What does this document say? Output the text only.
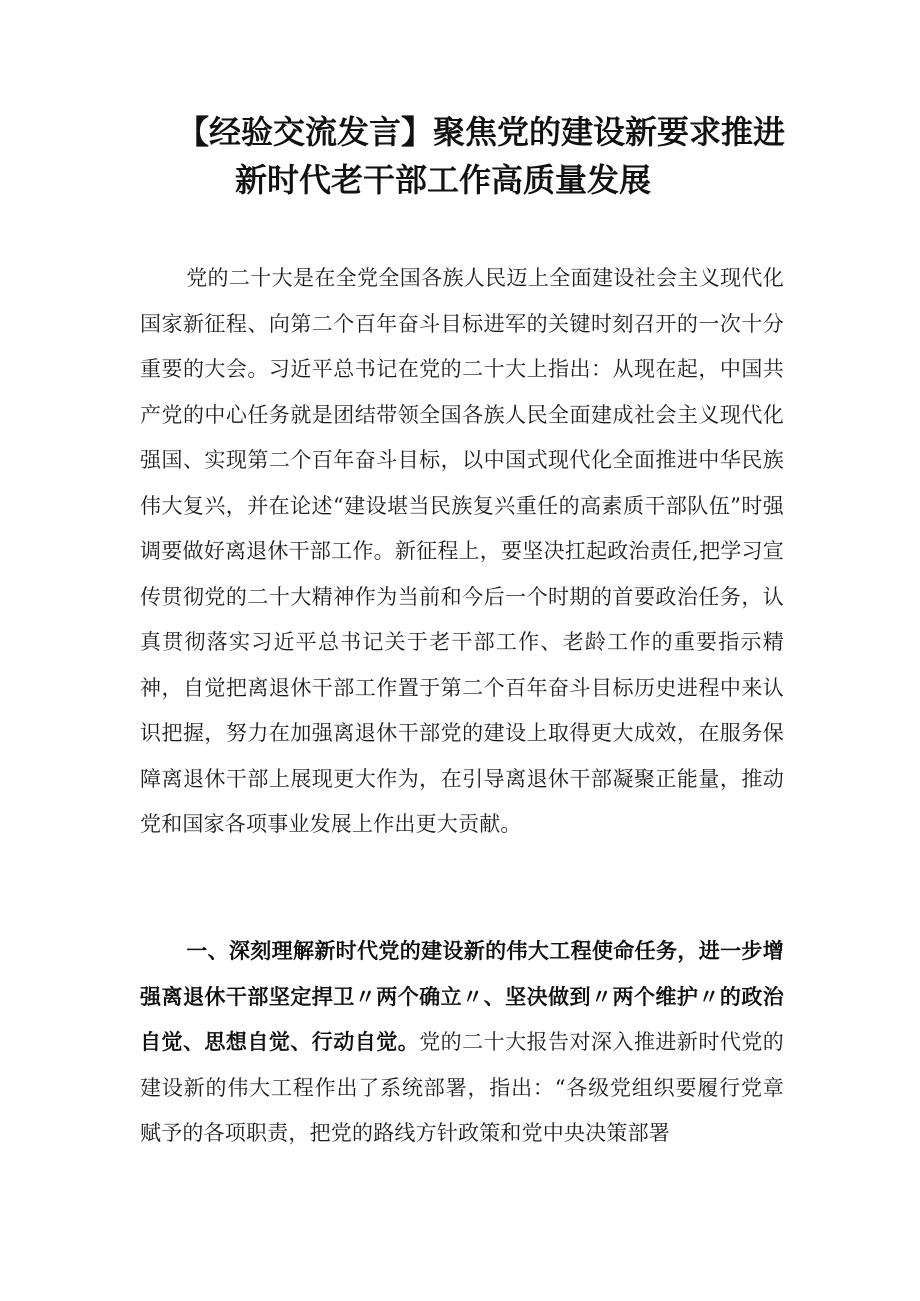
【经验交流发言】聚焦党的建设新要求推进
新时代老干部工作高质量发展

党的二十大是在全党全国各族人民迈上全面建设社会主义现代化国家新征程、向第二个百年奋斗目标进军的关键时刻召开的一次十分重要的大会。习近平总书记在党的二十大上指出：从现在起，中国共产党的中心任务就是团结带领全国各族人民全面建成社会主义现代化强国、实现第二个百年奋斗目标，以中国式现代化全面推进中华民族伟大复兴，并在论述“建设堪当民族复兴重任的高素质干部队伍”时强调要做好离退休干部工作。新征程上，要坚决扛起政治责任,把学习宣传贯彻党的二十大精神作为当前和今后一个时期的首要政治任务，认真贯彻落实习近平总书记关于老干部工作、老龄工作的重要指示精神，自觉把离退休干部工作置于第二个百年奋斗目标历史进程中来认识把握，努力在加强离退休干部党的建设上取得更大成效，在服务保障离退休干部上展现更大作为，在引导离退休干部凝聚正能量，推动党和国家各项事业发展上作出更大贡献。

一、深刻理解新时代党的建设新的伟大工程使命任务，进一步增强离退休干部坚定捍卫〃两个确立〃、坚决做到〃两个维护〃的政治自觉、思想自觉、行动自觉。党的二十大报告对深入推进新时代党的建设新的伟大工程作出了系统部署，指出：“各级党组织要履行党章赋予的各项职责，把党的路线方针政策和党中央决策部署
